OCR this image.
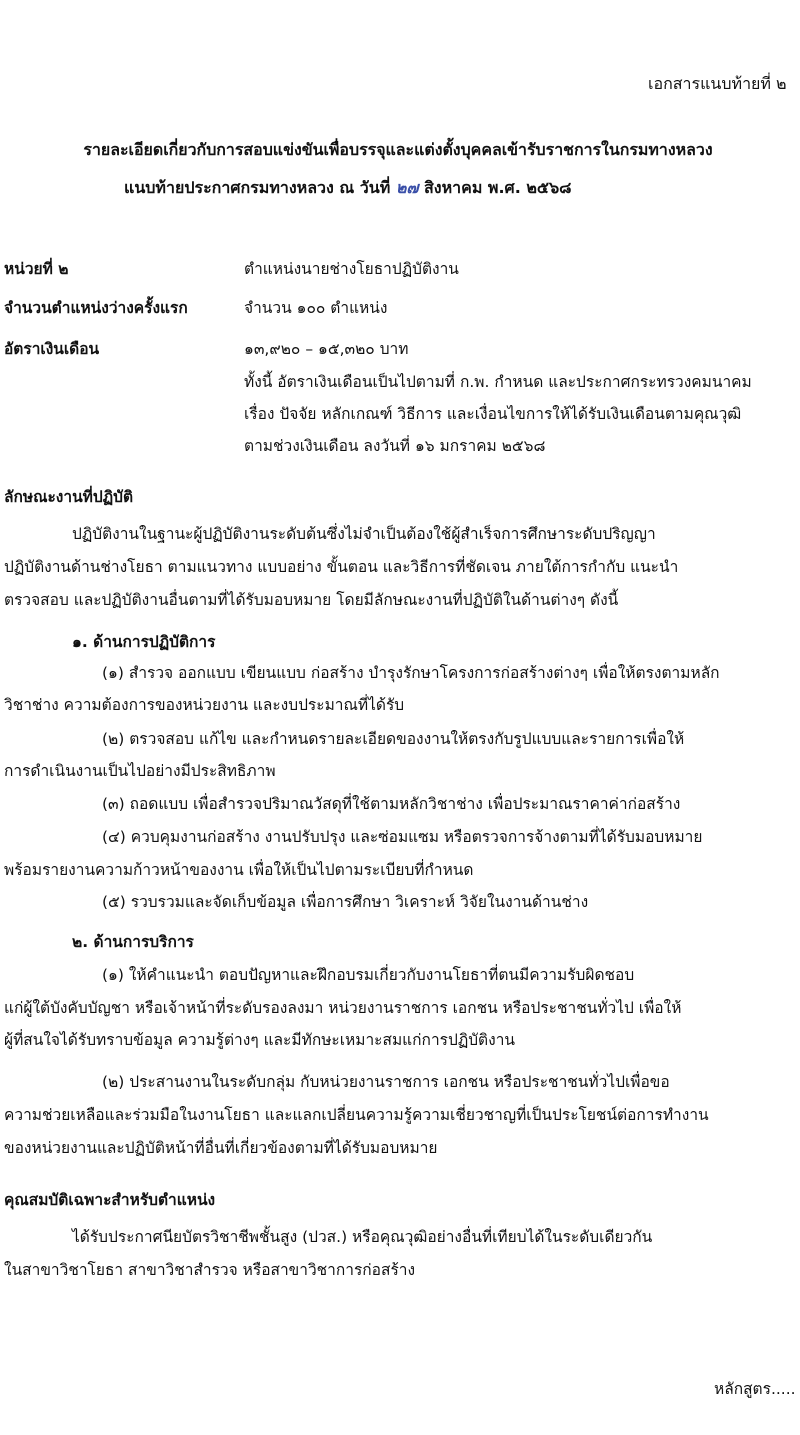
เอกสารแนบท้ายที่ ๒
รายละเอียดเกี่ยวกับการสอบแข่งขันเพื่อบรรจุและแต่งตั้งบุคคลเข้ารับราชการในกรมทางหลวง
แนบท้ายประกาศกรมทางหลวง ณ วันที่ ๒๗ สิงหาคม พ.ศ. ๒๕๖๘
หน่วยที่ ๒	ตำแหน่งนายช่างโยธาปฏิบัติงาน
จำนวนตำแหน่งว่างครั้งแรก	จำนวน ๑๐๐ ตำแหน่ง
อัตราเงินเดือน	๑๓,๙๒๐ – ๑๕,๓๒๐ บาท
ทั้งนี้ อัตราเงินเดือนเป็นไปตามที่ ก.พ. กำหนด และประกาศกระทรวงคมนาคม
เรื่อง ปัจจัย หลักเกณฑ์ วิธีการ และเงื่อนไขการให้ได้รับเงินเดือนตามคุณวุฒิ
ตามช่วงเงินเดือน ลงวันที่ ๑๖ มกราคม ๒๕๖๘
ลักษณะงานที่ปฏิบัติ
ปฏิบัติงานในฐานะผู้ปฏิบัติงานระดับต้นซึ่งไม่จำเป็นต้องใช้ผู้สำเร็จการศึกษาระดับปริญญา
ปฏิบัติงานด้านช่างโยธา ตามแนวทาง แบบอย่าง ขั้นตอน และวิธีการที่ชัดเจน ภายใต้การกำกับ แนะนำ
ตรวจสอบ และปฏิบัติงานอื่นตามที่ได้รับมอบหมาย โดยมีลักษณะงานที่ปฏิบัติในด้านต่างๆ ดังนี้
๑. ด้านการปฏิบัติการ
(๑) สำรวจ ออกแบบ เขียนแบบ ก่อสร้าง บำรุงรักษาโครงการก่อสร้างต่างๆ เพื่อให้ตรงตามหลัก
วิชาช่าง ความต้องการของหน่วยงาน และงบประมาณที่ได้รับ
(๒) ตรวจสอบ แก้ไข และกำหนดรายละเอียดของงานให้ตรงกับรูปแบบและรายการเพื่อให้
การดำเนินงานเป็นไปอย่างมีประสิทธิภาพ
(๓) ถอดแบบ เพื่อสำรวจปริมาณวัสดุที่ใช้ตามหลักวิชาช่าง เพื่อประมาณราคาค่าก่อสร้าง
(๔) ควบคุมงานก่อสร้าง งานปรับปรุง และซ่อมแซม หรือตรวจการจ้างตามที่ได้รับมอบหมาย
พร้อมรายงานความก้าวหน้าของงาน เพื่อให้เป็นไปตามระเบียบที่กำหนด
(๕) รวบรวมและจัดเก็บข้อมูล เพื่อการศึกษา วิเคราะห์ วิจัยในงานด้านช่าง
๒. ด้านการบริการ
(๑) ให้คำแนะนำ ตอบปัญหาและฝึกอบรมเกี่ยวกับงานโยธาที่ตนมีความรับผิดชอบ
แก่ผู้ใต้บังคับบัญชา หรือเจ้าหน้าที่ระดับรองลงมา หน่วยงานราชการ เอกชน หรือประชาชนทั่วไป เพื่อให้
ผู้ที่สนใจได้รับทราบข้อมูล ความรู้ต่างๆ และมีทักษะเหมาะสมแก่การปฏิบัติงาน
(๒) ประสานงานในระดับกลุ่ม กับหน่วยงานราชการ เอกชน หรือประชาชนทั่วไปเพื่อขอ
ความช่วยเหลือและร่วมมือในงานโยธา และแลกเปลี่ยนความรู้ความเชี่ยวชาญที่เป็นประโยชน์ต่อการทำงาน
ของหน่วยงานและปฏิบัติหน้าที่อื่นที่เกี่ยวข้องตามที่ได้รับมอบหมาย
คุณสมบัติเฉพาะสำหรับตำแหน่ง
ได้รับประกาศนียบัตรวิชาชีพชั้นสูง (ปวส.) หรือคุณวุฒิอย่างอื่นที่เทียบได้ในระดับเดียวกัน
ในสาขาวิชาโยธา สาขาวิชาสำรวจ หรือสาขาวิชาการก่อสร้าง
หลักสูตร.....
